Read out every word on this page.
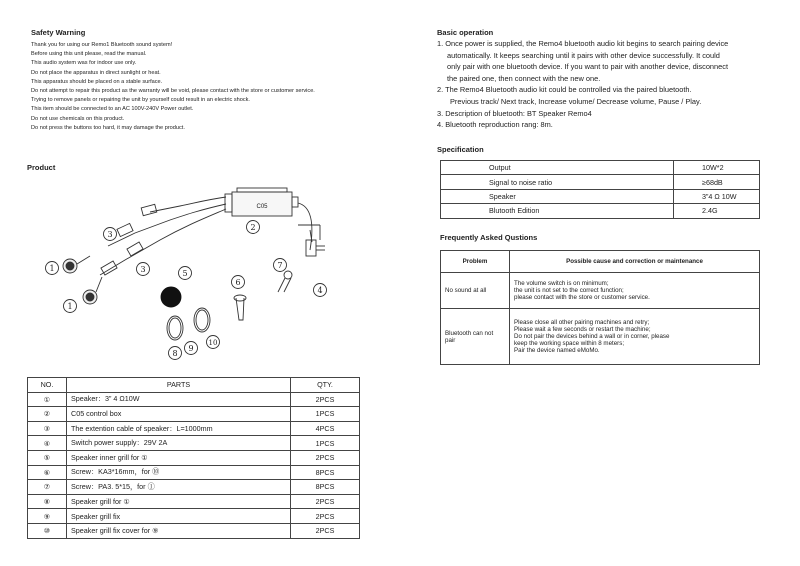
Safety Warning
Thank you for using our Remo1 Bluetooth sound system!
Before using this unit please, read the manual.
This audio system was for indoor use only.
Do not place the apparatus in direct sunlight or heat.
This apparatus should be placed on a stable surface.
Do not attempt to repair this product as the warranty will be void, please contact with the store or customer service.
Trying to remove panels or repairing the unit by yourself could result in an electric shock.
This item should be connected to an AC 100V-240V Power outlet.
Do not use chemicals on this product.
Do not press the buttons too hard, it may damage the product.
Product
1
1
2
3
3
4
5
6
7
8
9
10
C05
NO.	PARTS	QTY.
①	Speaker：3” 4 Ω10W	2PCS
②	C05 control box	1PCS
③	The extention cable of speaker：L=1000mm	4PCS
④	Switch power supply：29V 2A	1PCS
⑤	Speaker inner grill for ①	2PCS
⑥	Screw：KA3*16mm，for ⑩	8PCS
⑦	Screw：PA3. 5*15，for ①	8PCS
⑧	Speaker grill for ①	2PCS
⑨	Speaker grill fix	2PCS
⑩	Speaker grill fix cover for ⑨	2PCS
Basic operation
1. Once power is supplied, the Remo4 bluetooth audio kit begins to search pairing device
automatically. It keeps searching until it pairs with other device successfully. It could
only pair with one bluetooth device. If you want to pair with another device, disconnect
the paired one, then connect with the new one.
2. The Remo4 Bluetooth audio kit could be controlled via the paired bluetooth.
Previous track/ Next track, Increase volume/ Decrease volume, Pause / Play.
3. Description of bluetooth: BT Speaker Remo4
4. Bluetooth reproduction rang: 8m.
Specification
Output	10W*2
Signal to noise ratio	≥68dB
Speaker	3”4 Ω 10W
Blutooth Edition	2.4G
Frequently Asked Qustions
Problem	Possible cause and correction or maintenance
No sound at all	The volume switch is on minimum;
the unit is not set to the correct function;
please contact with the store or customer service.

Bluetooth can not pair	Please close all other pairing machines and retry;
Please wait a few seconds or restart the machine;
Do not pair the devices behind a wall or in corner, please
keep the working space within 8 meters;
Pair the device named eMoMo.
